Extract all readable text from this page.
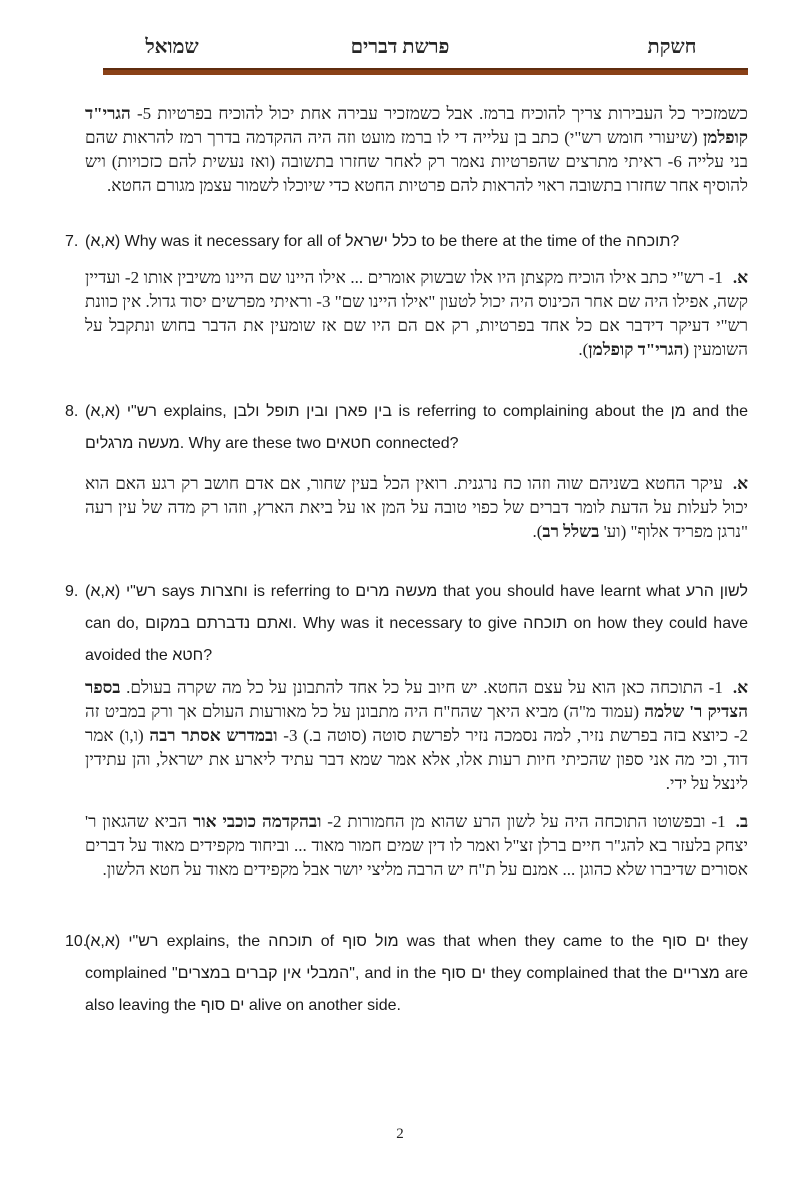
שמואל	פרשת דברים	חשקת

כשמזכיר כל העבירות צריך להוכיח ברמז. אבל כשמזכיר עבירה אחת יכול להוכיח בפרטיות 5- הגרי"ד קופלמן (שיעורי חומש רש"י) כתב בן עלייה די לו ברמז מועט וזה היה ההקדמה בדרך רמז להראות שהם בני עלייה 6- ראיתי מתרצים שהפרטיות נאמר רק לאחר שחזרו בתשובה (ואז נעשית להם כזכויות) ויש להוסיף אחר שחזרו בתשובה ראוי להראות להם פרטיות החטא כדי שיוכלו לשמור עצמן מגורם החטא.

7. ‏(א,א)‏ Why was it necessary for all of כלל ישראל to be there at the time of the תוכחה?

א.1- רש"י כתב אילו הוכיח מקצתן היו אלו שבשוק אומרים ... אילו היינו שם היינו משיבין אותו 2- ועדיין קשה, אפילו היה שם אחר הכינוס היה יכול לטעון "אילו היינו שם" 3- וראיתי מפרשים יסוד גדול. אין כוונת רש"י דעיקר דידבר אם כל אחד בפרטיות, רק אם הם היו שם אז שומעין את הדבר בחוש ונתקבל על השומעין (הגרי"ד קופלמן).

8. ‏(א,א)‏‎ רש"י explains, בין פארן ובין תופל ולבן is referring to complaining about the מן and the מעשה מרגלים. Why are these two חטאים connected?

א.עיקר החטא בשניהם שוה וזהו כח נרגנית. רואין הכל בעין שחור, אם אדם חושב רק רגע האם הוא יכול לעלות על הדעת לומר דברים של כפוי טובה על המן או על ביאת הארץ, וזהו רק מדה של עין רעה "נרגן מפריד אלוף" (וע' בשלל רב).

9. ‏(א,א)‏‎ רש"י says וחצרות is referring to מעשה מרים that you should have learnt what לשון הרע can do, ואתם נדברתם במקום. Why was it necessary to give תוכחה on how they could have avoided the חטא?

א.1- התוכחה כאן הוא על עצם החטא. יש חיוב על כל אחד להתבונן על כל מה שקרה בעולם. בספר הצדיק ר' שלמה (עמוד מ"ה) מביא היאך שהח"ח היה מתבונן על כל מאורעות העולם אך ורק במביט זה 2- כיוצא בזה בפרשת נזיר, למה נסמכה נזיר לפרשת סוטה (סוטה ב.) 3- ובמדרש אסתר רבה (ו,ו) אמר דוד, וכי מה אני ספון שהכיתי חיות רעות אלו, אלא אמר שמא דבר עתיד ליארע את ישראל, והן עתידין לינצל על ידי.

ב.1- ובפשוטו התוכחה היה על לשון הרע שהוא מן החמורות 2- ובהקדמה כוכבי אור הביא שהגאון ר' יצחק בלעזר בא להג"ר חיים ברלן זצ"ל ואמר לו דין שמים חמור מאוד ... וביחוד מקפידים מאוד על דברים אסורים שדיברו שלא כהוגן ... אמנם על ת"ח יש הרבה מליצי יושר אבל מקפידים מאוד על חטא הלשון.

10.
‏(א,א)‏‎ רש"י explains, the תוכחה of מול סוף was that when they came to the ים סוף they complained "המבלי אין קברים במצרים", and in the ים סוף they complained that the מצריים are also leaving the ים סוף alive on another side.
2
